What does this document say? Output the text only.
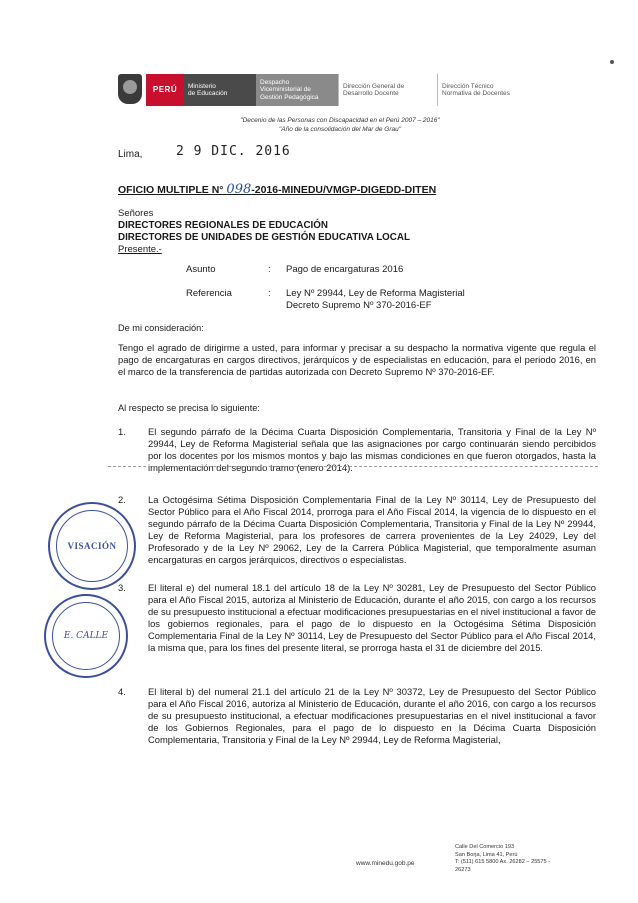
PERÚ	Ministerio
de Educación
Despacho
Viceministerial de
Gestión Pedagógica
Dirección General de
Desarrollo Docente
Dirección Técnico
Normativa de Docentes
"Decenio de las Personas con Discapacidad en el Perú 2007 – 2016"
"Año de la consolidación del Mar de Grau"
Lima,	2 9 DIC. 2016
OFICIO MULTIPLE N° 098-2016-MINEDU/VMGP-DIGEDD-DITEN
Señores
DIRECTORES REGIONALES DE EDUCACIÓN
DIRECTORES DE UNIDADES DE GESTIÓN EDUCATIVA LOCAL
Presente.-
Asunto	:	Pago de encargaturas 2016
Referencia	:	Ley Nº 29944, Ley de Reforma Magisterial
Decreto Supremo Nº 370-2016-EF
De mi consideración:
Tengo el agrado de dirigirme a usted, para informar y precisar a su despacho la normativa vigente que regula el pago de encargaturas en cargos directivos, jerárquicos y de especialistas en educación, para el periodo 2016, en el marco de la transferencia de partidas autorizada con Decreto Supremo Nº 370-2016-EF.
Al respecto se precisa lo siguiente:
1. El segundo párrafo de la Décima Cuarta Disposición Complementaria, Transitoria y Final de la Ley Nº 29944, Ley de Reforma Magisterial señala que las asignaciones por cargo continuarán siendo percibidos por los docentes por los mismos montos y bajo las mismas condiciones en que fueron otorgados, hasta la implementación del segundo tramo (enero 2014).
2. La Octogésima Sétima Disposición Complementaria Final de la Ley Nº 30114, Ley de Presupuesto del Sector Público para el Año Fiscal 2014, prorroga para el Año Fiscal 2014, la vigencia de lo dispuesto en el segundo párrafo de la Décima Cuarta Disposición Complementaria, Transitoria y Final de la Ley Nº 29944, Ley de Reforma Magisterial, para los profesores de carrera provenientes de la Ley 24029, Ley del Profesorado y de la Ley Nº 29062, Ley de la Carrera Pública Magisterial, que temporalmente asuman encargaturas en cargos jerárquicos, directivos o especialistas.
3. El literal e) del numeral 18.1 del artículo 18 de la Ley Nº 30281, Ley de Presupuesto del Sector Público para el Año Fiscal 2015, autoriza al Ministerio de Educación, durante el año 2015, con cargo a los recursos de su presupuesto institucional a efectuar modificaciones presupuestarias en el nivel institucional a favor de los gobiernos regionales, para el pago de lo dispuesto en la Octogésima Sétima Disposición Complementaria Final de la Ley Nº 30114, Ley de Presupuesto del Sector Público para el Año Fiscal 2014, la misma que, para los fines del presente literal, se prorroga hasta el 31 de diciembre del 2015.
4. El literal b) del numeral 21.1 del artículo 21 de la Ley Nº 30372, Ley de Presupuesto del Sector Público para el Año Fiscal 2016, autoriza al Ministerio de Educación, durante el año 2016, con cargo a los recursos de su presupuesto institucional, a efectuar modificaciones presupuestarias en el nivel institucional a favor de los Gobiernos Regionales, para el pago de lo dispuesto en la Décima Cuarta Disposición Complementaria, Transitoria y Final de la Ley Nº 29944, Ley de Reforma Magisterial,
VISACIÓN
E. CALLE
www.minedu.gob.pe
Calle Del Comercio 193
San Borja, Lima 41, Perú
T: (511) 615 5800 Ax. 26282 – 25575 -
26273
